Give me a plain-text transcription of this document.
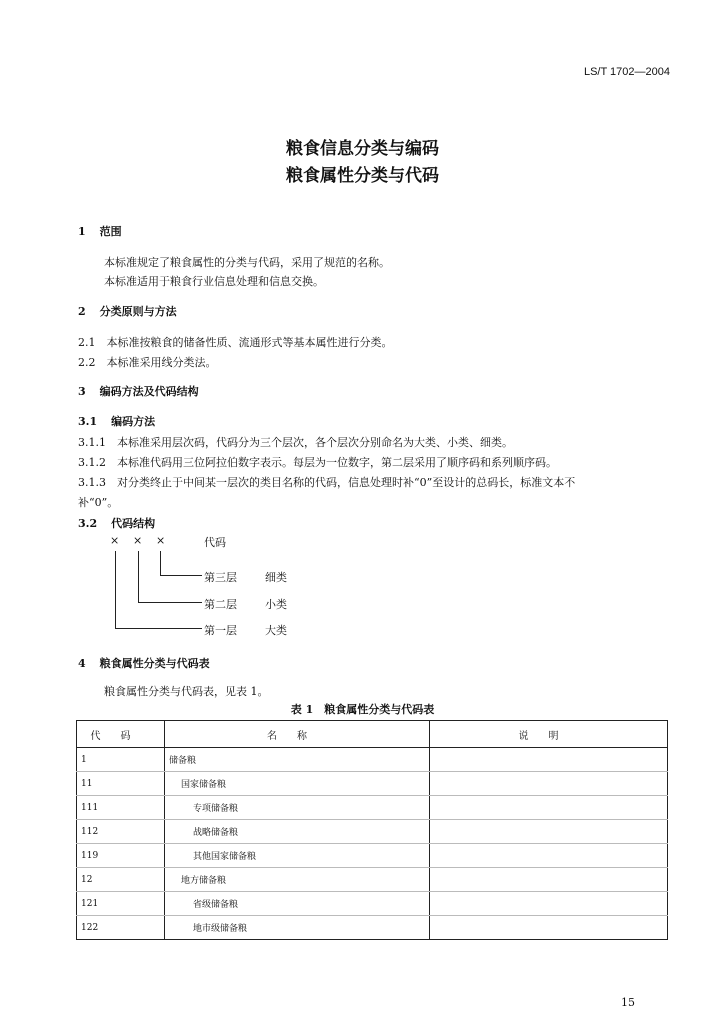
LS/T 1702—2004
粮食信息分类与编码
粮食属性分类与代码
1 范围
本标准规定了粮食属性的分类与代码，采用了规范的名称。
本标准适用于粮食行业信息处理和信息交换。
2 分类原则与方法
2.1　本标准按粮食的储备性质、流通形式等基本属性进行分类。
2.2　本标准采用线分类法。
3 编码方法及代码结构
3.1 编码方法
3.1.1　本标准采用层次码，代码分为三个层次，各个层次分别命名为大类、小类、细类。
3.1.2　本标准代码用三位阿拉伯数字表示。每层为一位数字，第二层采用了顺序码和系列顺序码。
3.1.3　对分类终止于中间某一层次的类目名称的代码，信息处理时补“0”至设计的总码长，标准文本不
补“0”。
3.2 代码结构
× × ×	代码
第三层	细类
第二层	小类
第一层	大类
4 粮食属性分类与代码表
粮食属性分类与代码表，见表 1。
表 1　粮食属性分类与代码表
代码	名称	说明
1	储备粮	
11	国家储备粮	
111	专项储备粮	
112	战略储备粮	
119	其他国家储备粮	
12	地方储备粮	
121	省级储备粮	
122	地市级储备粮	
15
